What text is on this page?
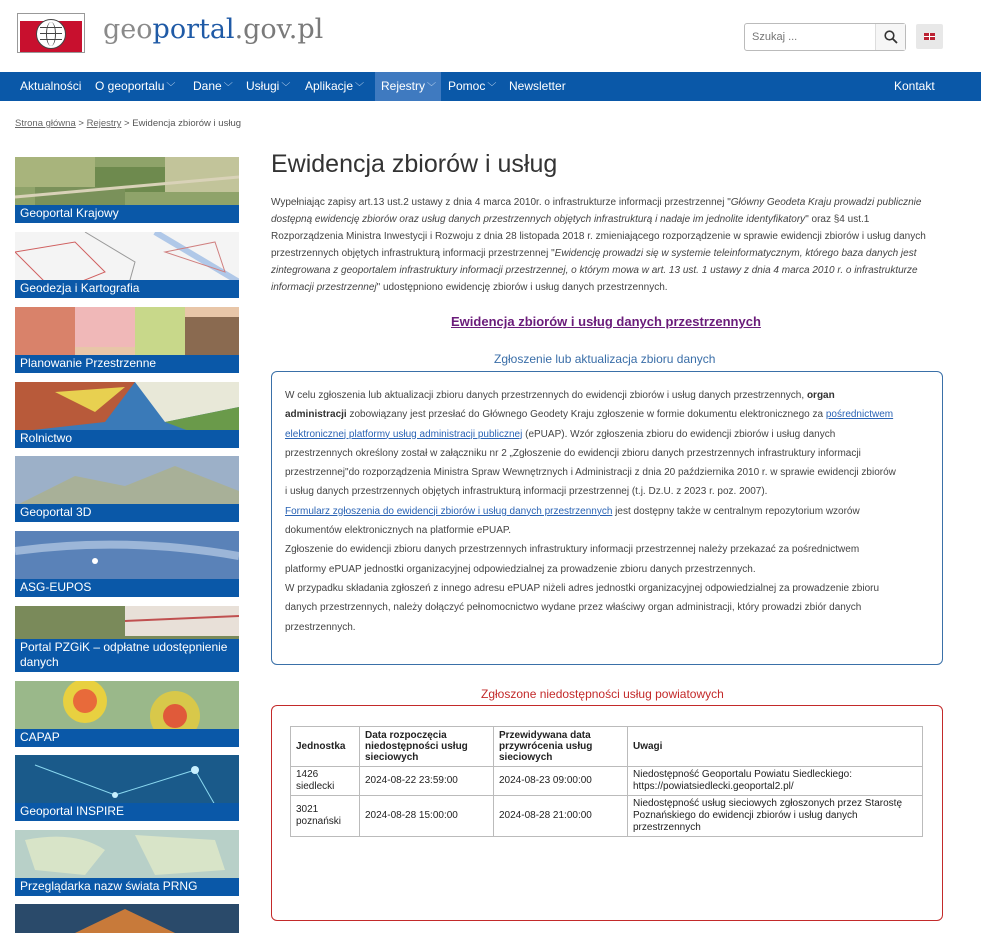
geoportal.gov.pl
Szukaj ...
Aktualności	O geoportalu ﹀	Dane ﹀	Usługi ﹀	Aplikacje ﹀	Rejestry ﹀ Pomoc ﹀	Newsletter	Kontakt
Strona główna > Rejestry > Ewidencja zbiorów i usług
Geoportal Krajowy
Geodezja i Kartografia
Planowanie Przestrzenne
Rolnictwo
Geoportal 3D
ASG-EUPOS
Portal PZGiK – odpłatne udostępnienie danych
CAPAP
Geoportal INSPIRE
Przeglądarka nazw świata PRNG
Ewidencja zbiorów i usług

Wypełniając zapisy art.13 ust.2 ustawy z dnia 4 marca 2010r. o infrastrukturze informacji przestrzennej "Główny Geodeta Kraju prowadzi publicznie dostępną ewidencję zbiorów oraz usług danych przestrzennych objętych infrastrukturą i nadaje im jednolite identyfikatory" oraz §4 ust.1 Rozporządzenia Ministra Inwestycji i Rozwoju z dnia 28 listopada 2018 r. zmieniającego rozporządzenie w sprawie ewidencji zbiorów i usług danych przestrzennych objętych infrastrukturą informacji przestrzennej "Ewidencję prowadzi się w systemie teleinformatycznym, którego baza danych jest zintegrowana z geoportalem infrastruktury informacji przestrzennej, o którym mowa w art. 13 ust. 1 ustawy z dnia 4 marca 2010 r. o infrastrukturze informacji przestrzennej" udostępniono ewidencję zbiorów i usług danych przestrzennych.

Ewidencja zbiorów i usług danych przestrzennych
Zgłoszenie lub aktualizacja zbioru danych
W celu zgłoszenia lub aktualizacji zbioru danych przestrzennych do ewidencji zbiorów i usług danych przestrzennych, organ administracji zobowiązany jest przesłać do Głównego Geodety Kraju zgłoszenie w formie dokumentu elektronicznego za pośrednictwem elektronicznej platformy usług administracji publicznej (ePUAP). Wzór zgłoszenia zbioru do ewidencji zbiorów i usług danych przestrzennych określony został w załączniku nr 2 „Zgłoszenie do ewidencji zbioru danych przestrzennych infrastruktury informacji przestrzennej"do rozporządzenia Ministra Spraw Wewnętrznych i Administracji z dnia 20 października 2010 r. w sprawie ewidencji zbiorów i usług danych przestrzennych objętych infrastrukturą informacji przestrzennej (t.j. Dz.U. z 2023 r. poz. 2007).
Formularz zgłoszenia do ewidencji zbiorów i usług danych przestrzennych jest dostępny także w centralnym repozytorium wzorów dokumentów elektronicznych na platformie ePUAP.
Zgłoszenie do ewidencji zbioru danych przestrzennych infrastruktury informacji przestrzennej należy przekazać za pośrednictwem platformy ePUAP jednostki organizacyjnej odpowiedzialnej za prowadzenie zbioru danych przestrzennych.
W przypadku składania zgłoszeń z innego adresu ePUAP niżeli adres jednostki organizacyjnej odpowiedzialnej za prowadzenie zbioru danych przestrzennych, należy dołączyć pełnomocnictwo wydane przez właściwy organ administracji, który prowadzi zbiór danych przestrzennych.
Zgłoszone niedostępności usług powiatowych
Jednostka	Data rozpoczęcia niedostępności usług sieciowych	Przewidywana data przywrócenia usług sieciowych	Uwagi
1426 siedlecki	2024-08-22 23:59:00	2024-08-23 09:00:00	Niedostępność Geoportalu Powiatu Siedleckiego: https://powiatsiedlecki.geoportal2.pl/
3021 poznański	2024-08-28 15:00:00	2024-08-28 21:00:00	Niedostępność usług sieciowych zgłoszonych przez Starostę Poznańskiego do ewidencji zbiorów i usług danych przestrzennych
